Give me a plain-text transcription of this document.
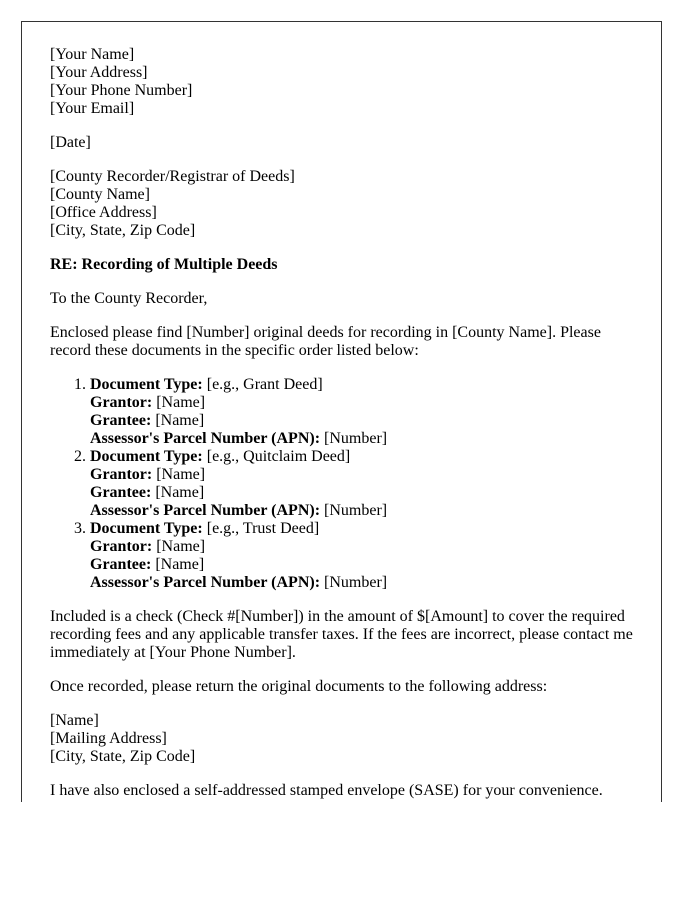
[Your Name]
[Your Address]
[Your Phone Number]
[Your Email]

[Date]

[County Recorder/Registrar of Deeds]
[County Name]
[Office Address]
[City, State, Zip Code]

RE: Recording of Multiple Deeds

To the County Recorder,

Enclosed please find [Number] original deeds for recording in [County Name]. Please record these documents in the specific order listed below:

1. Document Type: [e.g., Grant Deed]
Grantor: [Name]
Grantee: [Name]
Assessor's Parcel Number (APN): [Number]
2. Document Type: [e.g., Quitclaim Deed]
Grantor: [Name]
Grantee: [Name]
Assessor's Parcel Number (APN): [Number]
3. Document Type: [e.g., Trust Deed]
Grantor: [Name]
Grantee: [Name]
Assessor's Parcel Number (APN): [Number]

Included is a check (Check #[Number]) in the amount of $[Amount] to cover the required recording fees and any applicable transfer taxes. If the fees are incorrect, please contact me immediately at [Your Phone Number].

Once recorded, please return the original documents to the following address:

[Name]
[Mailing Address]
[City, State, Zip Code]

I have also enclosed a self-addressed stamped envelope (SASE) for your convenience.
